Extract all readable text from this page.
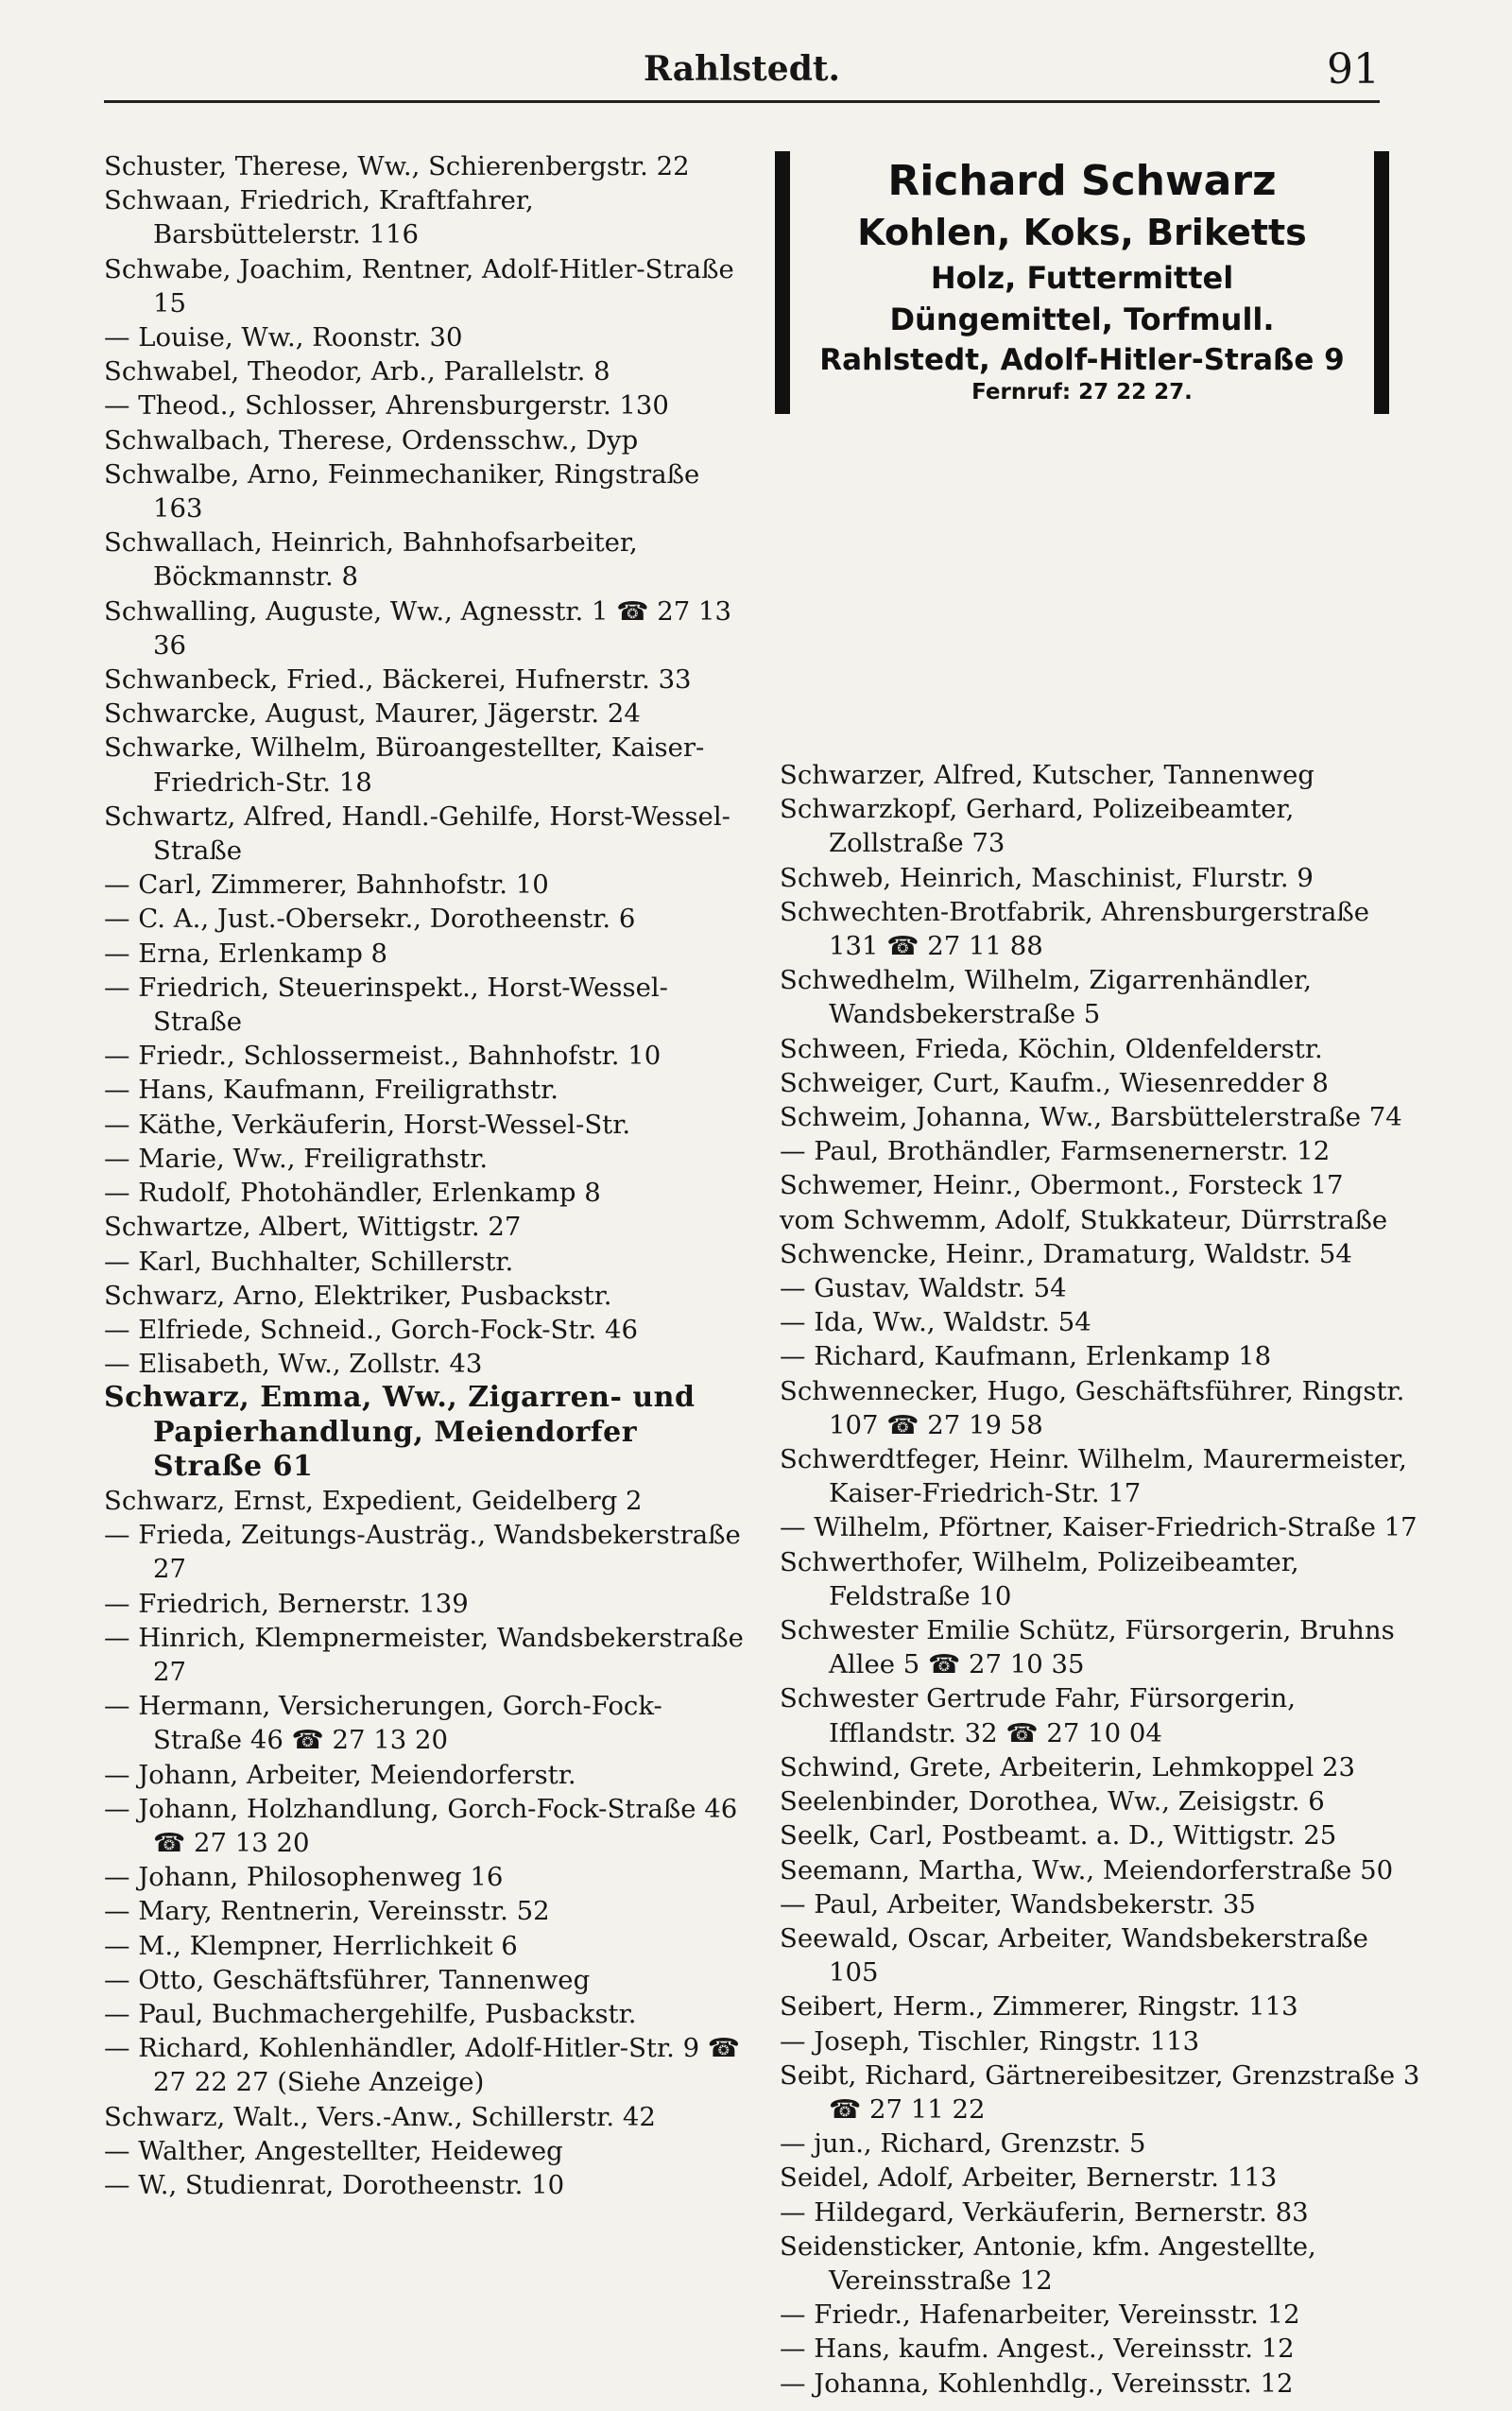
Rahlstedt.	91
Richard Schwarz
Kohlen, Koks, Briketts
Holz, Futtermittel
Düngemittel, Torfmull.
Rahlstedt, Adolf-Hitler-Straße 9
Fernruf: 27 22 27.
Schuster, Therese, Ww., Schierenbergstr. 22
Schwaan, Friedrich, Kraftfahrer, Barsbüttelerstr. 116
Schwabe, Joachim, Rentner, Adolf-Hitler-Straße 15
— Louise, Ww., Roonstr. 30
Schwabel, Theodor, Arb., Parallelstr. 8
— Theod., Schlosser, Ahrensburgerstr. 130
Schwalbach, Therese, Ordensschw., Dyp
Schwalbe, Arno, Feinmechaniker, Ringstraße 163
Schwallach, Heinrich, Bahnhofsarbeiter, Böckmannstr. 8
Schwalling, Auguste, Ww., Agnesstr. 1 ☎ 27 13 36
Schwanbeck, Fried., Bäckerei, Hufnerstr. 33
Schwarcke, August, Maurer, Jägerstr. 24
Schwarke, Wilhelm, Büroangestellter, Kaiser-Friedrich-Str. 18
Schwartz, Alfred, Handl.-Gehilfe, Horst-Wessel-Straße
— Carl, Zimmerer, Bahnhofstr. 10
— C. A., Just.-Obersekr., Dorotheenstr. 6
— Erna, Erlenkamp 8
— Friedrich, Steuerinspekt., Horst-Wessel-Straße
— Friedr., Schlossermeist., Bahnhofstr. 10
— Hans, Kaufmann, Freiligrathstr.
— Käthe, Verkäuferin, Horst-Wessel-Str.
— Marie, Ww., Freiligrathstr.
— Rudolf, Photohändler, Erlenkamp 8
Schwartze, Albert, Wittigstr. 27
— Karl, Buchhalter, Schillerstr.
Schwarz, Arno, Elektriker, Pusbackstr.
— Elfriede, Schneid., Gorch-Fock-Str. 46
— Elisabeth, Ww., Zollstr. 43
Schwarz, Emma, Ww., Zigarren- und Papierhandlung, Meiendorfer Straße 61
Schwarz, Ernst, Expedient, Geidelberg 2
— Frieda, Zeitungs-Austräg., Wandsbekerstraße 27
— Friedrich, Bernerstr. 139
— Hinrich, Klempnermeister, Wandsbekerstraße 27
— Hermann, Versicherungen, Gorch-Fock-Straße 46 ☎ 27 13 20
— Johann, Arbeiter, Meiendorferstr.
— Johann, Holzhandlung, Gorch-Fock-Straße 46 ☎ 27 13 20
— Johann, Philosophenweg 16
— Mary, Rentnerin, Vereinsstr. 52
— M., Klempner, Herrlichkeit 6
— Otto, Geschäftsführer, Tannenweg
— Paul, Buchmachergehilfe, Pusbackstr.
— Richard, Kohlenhändler, Adolf-Hitler-Str. 9 ☎ 27 22 27 (Siehe Anzeige)
Schwarz, Walt., Vers.-Anw., Schillerstr. 42
— Walther, Angestellter, Heideweg
— W., Studienrat, Dorotheenstr. 10
Schwarzer, Alfred, Kutscher, Tannenweg
Schwarzkopf, Gerhard, Polizeibeamter, Zollstraße 73
Schweb, Heinrich, Maschinist, Flurstr. 9
Schwechten-Brotfabrik, Ahrensburgerstraße 131 ☎ 27 11 88
Schwedhelm, Wilhelm, Zigarrenhändler, Wandsbekerstraße 5
Schween, Frieda, Köchin, Oldenfelderstr.
Schweiger, Curt, Kaufm., Wiesenredder 8
Schweim, Johanna, Ww., Barsbüttelerstraße 74
— Paul, Brothändler, Farmsenernerstr. 12
Schwemer, Heinr., Obermont., Forsteck 17
vom Schwemm, Adolf, Stukkateur, Dürrstraße
Schwencke, Heinr., Dramaturg, Waldstr. 54
— Gustav, Waldstr. 54
— Ida, Ww., Waldstr. 54
— Richard, Kaufmann, Erlenkamp 18
Schwennecker, Hugo, Geschäftsführer, Ringstr. 107 ☎ 27 19 58
Schwerdtfeger, Heinr. Wilhelm, Maurermeister, Kaiser-Friedrich-Str. 17
— Wilhelm, Pförtner, Kaiser-Friedrich-Straße 17
Schwerthofer, Wilhelm, Polizeibeamter, Feldstraße 10
Schwester Emilie Schütz, Fürsorgerin, Bruhns Allee 5 ☎ 27 10 35
Schwester Gertrude Fahr, Fürsorgerin, Ifflandstr. 32 ☎ 27 10 04
Schwind, Grete, Arbeiterin, Lehmkoppel 23
Seelenbinder, Dorothea, Ww., Zeisigstr. 6
Seelk, Carl, Postbeamt. a. D., Wittigstr. 25
Seemann, Martha, Ww., Meiendorferstraße 50
— Paul, Arbeiter, Wandsbekerstr. 35
Seewald, Oscar, Arbeiter, Wandsbekerstraße 105
Seibert, Herm., Zimmerer, Ringstr. 113
— Joseph, Tischler, Ringstr. 113
Seibt, Richard, Gärtnereibesitzer, Grenzstraße 3 ☎ 27 11 22
— jun., Richard, Grenzstr. 5
Seidel, Adolf, Arbeiter, Bernerstr. 113
— Hildegard, Verkäuferin, Bernerstr. 83
Seidensticker, Antonie, kfm. Angestellte, Vereinsstraße 12
— Friedr., Hafenarbeiter, Vereinsstr. 12
— Hans, kaufm. Angest., Vereinsstr. 12
— Johanna, Kohlenhdlg., Vereinsstr. 12
